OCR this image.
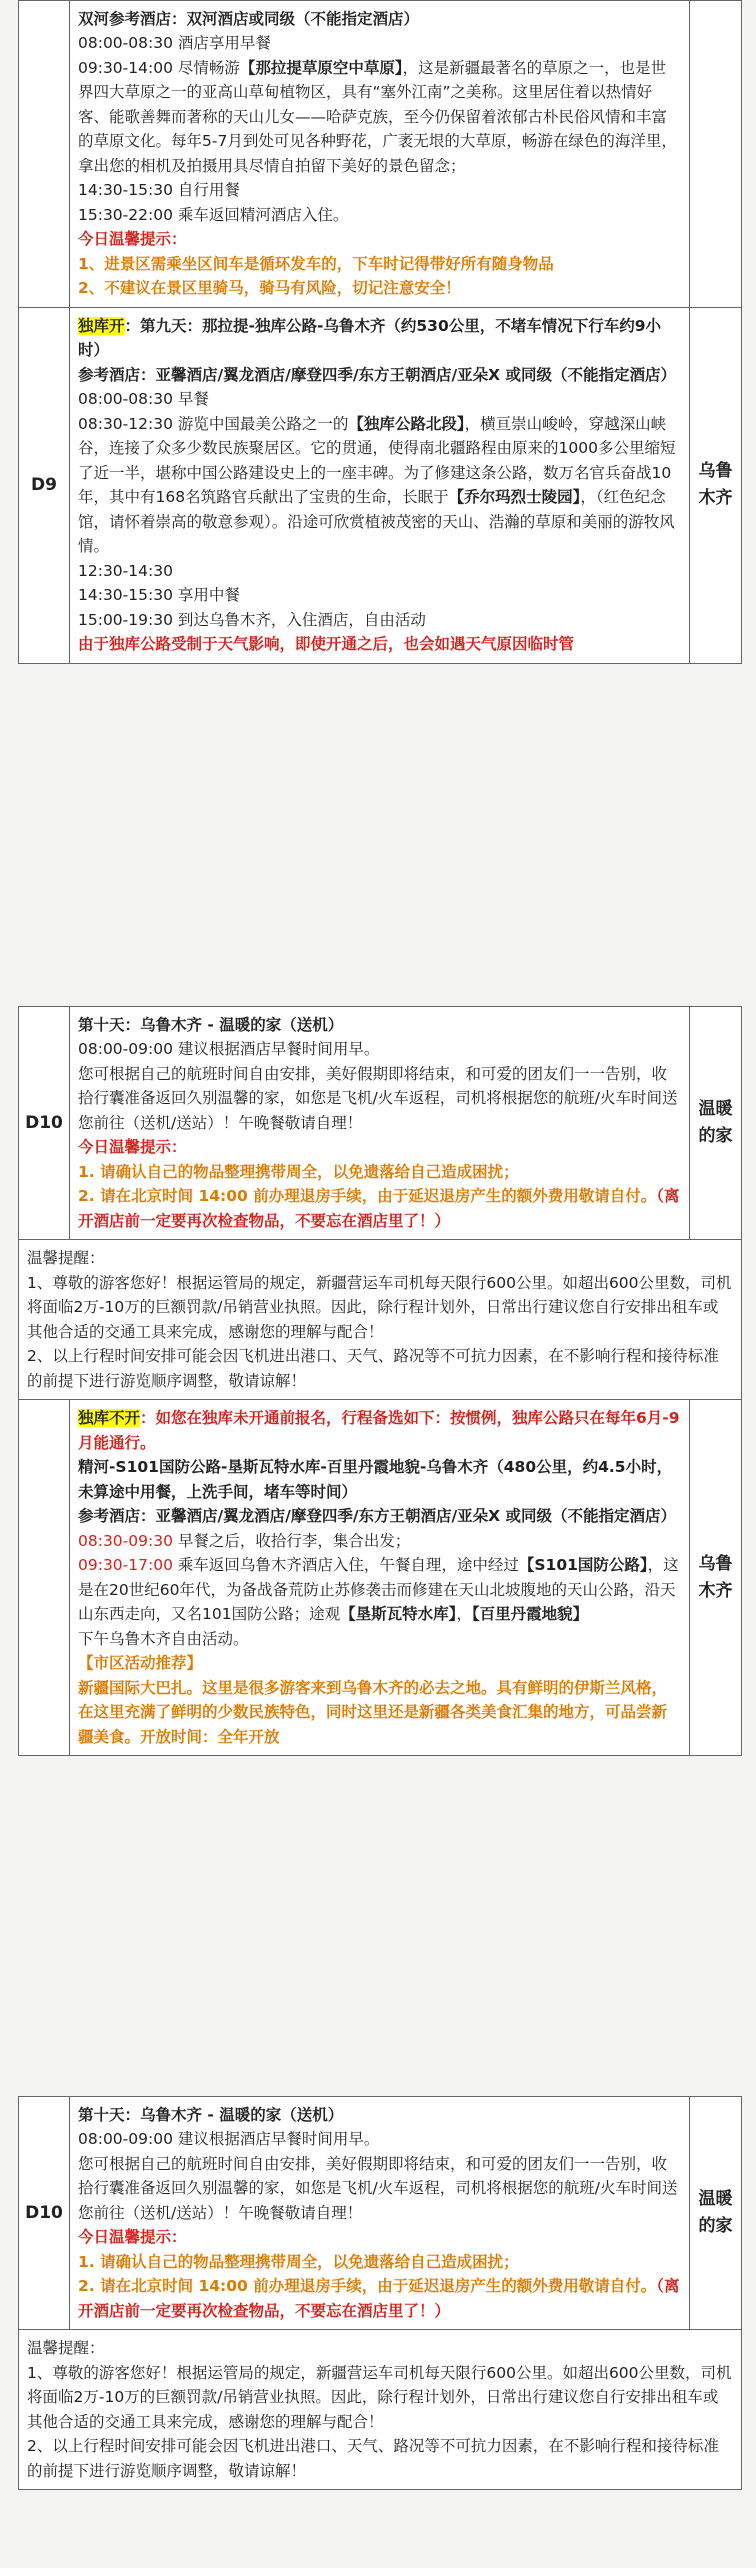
双河参考酒店：双河酒店或同级（不能指定酒店）

08:00-08:30 酒店享用早餐

09:30-14:00 尽情畅游【那拉提草原空中草原】，这是新疆最著名的草原之一，也是世界四大草原之一的亚高山草甸植物区，具有“塞外江南”之美称。这里居住着以热情好客、能歌善舞而著称的天山儿女——哈萨克族，至今仍保留着浓郁古朴民俗风情和丰富的草原文化。每年5-7月到处可见各种野花，广袤无垠的大草原，畅游在绿色的海洋里，拿出您的相机及拍摄用具尽情自拍留下美好的景色留念；

14:30-15:30 自行用餐

15:30-22:00 乘车返回精河酒店入住。

今日温馨提示：

1、进景区需乘坐区间车是循环发车的，下车时记得带好所有随身物品

2、不建议在景区里骑马，骑马有风险，切记注意安全！

D9

独库开：第九天：那拉提-独库公路-乌鲁木齐（约530公里，不堵车情况下行车约9小时）

参考酒店：亚馨酒店/翼龙酒店/摩登四季/东方王朝酒店/亚朵X 或同级（不能指定酒店）

08:00-08:30 早餐

08:30-12:30 游览中国最美公路之一的【独库公路北段】，横亘崇山峻岭，穿越深山峡谷，连接了众多少数民族聚居区。它的贯通，使得南北疆路程由原来的1000多公里缩短了近一半，堪称中国公路建设史上的一座丰碑。为了修建这条公路，数万名官兵奋战10年，其中有168名筑路官兵献出了宝贵的生命，长眠于【乔尔玛烈士陵园】，（红色纪念馆，请怀着崇高的敬意参观）。沿途可欣赏植被茂密的天山、浩瀚的草原和美丽的游牧风情。

12:30-14:30

14:30-15:30 享用中餐

15:00-19:30 到达乌鲁木齐，入住酒店，自由活动

由于独库公路受制于天气影响，即使开通之后，也会如遇天气原因临时管

乌鲁木齐
D10

第十天：乌鲁木齐 - 温暖的家（送机）

08:00-09:00 建议根据酒店早餐时间用早。

您可根据自己的航班时间自由安排，美好假期即将结束，和可爱的团友们一一告别，收拾行囊准备返回久别温馨的家，如您是飞机/火车返程，司机将根据您的航班/火车时间送您前往（送机/送站）！午晚餐敬请自理！

今日温馨提示：

1. 请确认自己的物品整理携带周全，以免遗落给自己造成困扰；

2. 请在北京时间 14:00 前办理退房手续，由于延迟退房产生的额外费用敬请自付。（离开酒店前一定要再次检查物品，不要忘在酒店里了！）

温暖的家

温馨提醒：

1、尊敬的游客您好！根据运管局的规定，新疆营运车司机每天限行600公里。如超出600公里数，司机将面临2万-10万的巨额罚款/吊销营业执照。因此，除行程计划外，日常出行建议您自行安排出租车或其他合适的交通工具来完成，感谢您的理解与配合！

2、以上行程时间安排可能会因飞机进出港口、天气、路况等不可抗力因素，在不影响行程和接待标准的前提下进行游览顺序调整，敬请谅解！

独库不开：如您在独库未开通前报名，行程备选如下：按惯例，独库公路只在每年6月-9月能通行。

精河-S101国防公路-垦斯瓦特水库-百里丹霞地貌-乌鲁木齐（480公里，约4.5小时，未算途中用餐，上洗手间，堵车等时间）

参考酒店：亚馨酒店/翼龙酒店/摩登四季/东方王朝酒店/亚朵X 或同级（不能指定酒店）

08:30-09:30 早餐之后，收拾行李，集合出发；

09:30-17:00 乘车返回乌鲁木齐酒店入住，午餐自理，途中经过【S101国防公路】，这是在20世纪60年代，为备战备荒防止苏修袭击而修建在天山北坡腹地的天山公路，沿天山东西走向，又名101国防公路；途观【垦斯瓦特水库】，【百里丹霞地貌】

下午乌鲁木齐自由活动。

【市区活动推荐】

新疆国际大巴扎。这里是很多游客来到乌鲁木齐的必去之地。具有鲜明的伊斯兰风格，在这里充满了鲜明的少数民族特色，同时这里还是新疆各类美食汇集的地方，可品尝新疆美食。开放时间：全年开放

乌鲁木齐
D10

第十天：乌鲁木齐 - 温暖的家（送机）

08:00-09:00 建议根据酒店早餐时间用早。

您可根据自己的航班时间自由安排，美好假期即将结束，和可爱的团友们一一告别，收拾行囊准备返回久别温馨的家，如您是飞机/火车返程，司机将根据您的航班/火车时间送您前往（送机/送站）！午晚餐敬请自理！

今日温馨提示：

1. 请确认自己的物品整理携带周全，以免遗落给自己造成困扰；

2. 请在北京时间 14:00 前办理退房手续，由于延迟退房产生的额外费用敬请自付。（离开酒店前一定要再次检查物品，不要忘在酒店里了！）

温暖的家

温馨提醒：

1、尊敬的游客您好！根据运管局的规定，新疆营运车司机每天限行600公里。如超出600公里数，司机将面临2万-10万的巨额罚款/吊销营业执照。因此，除行程计划外，日常出行建议您自行安排出租车或其他合适的交通工具来完成，感谢您的理解与配合！

2、以上行程时间安排可能会因飞机进出港口、天气、路况等不可抗力因素，在不影响行程和接待标准的前提下进行游览顺序调整，敬请谅解！
